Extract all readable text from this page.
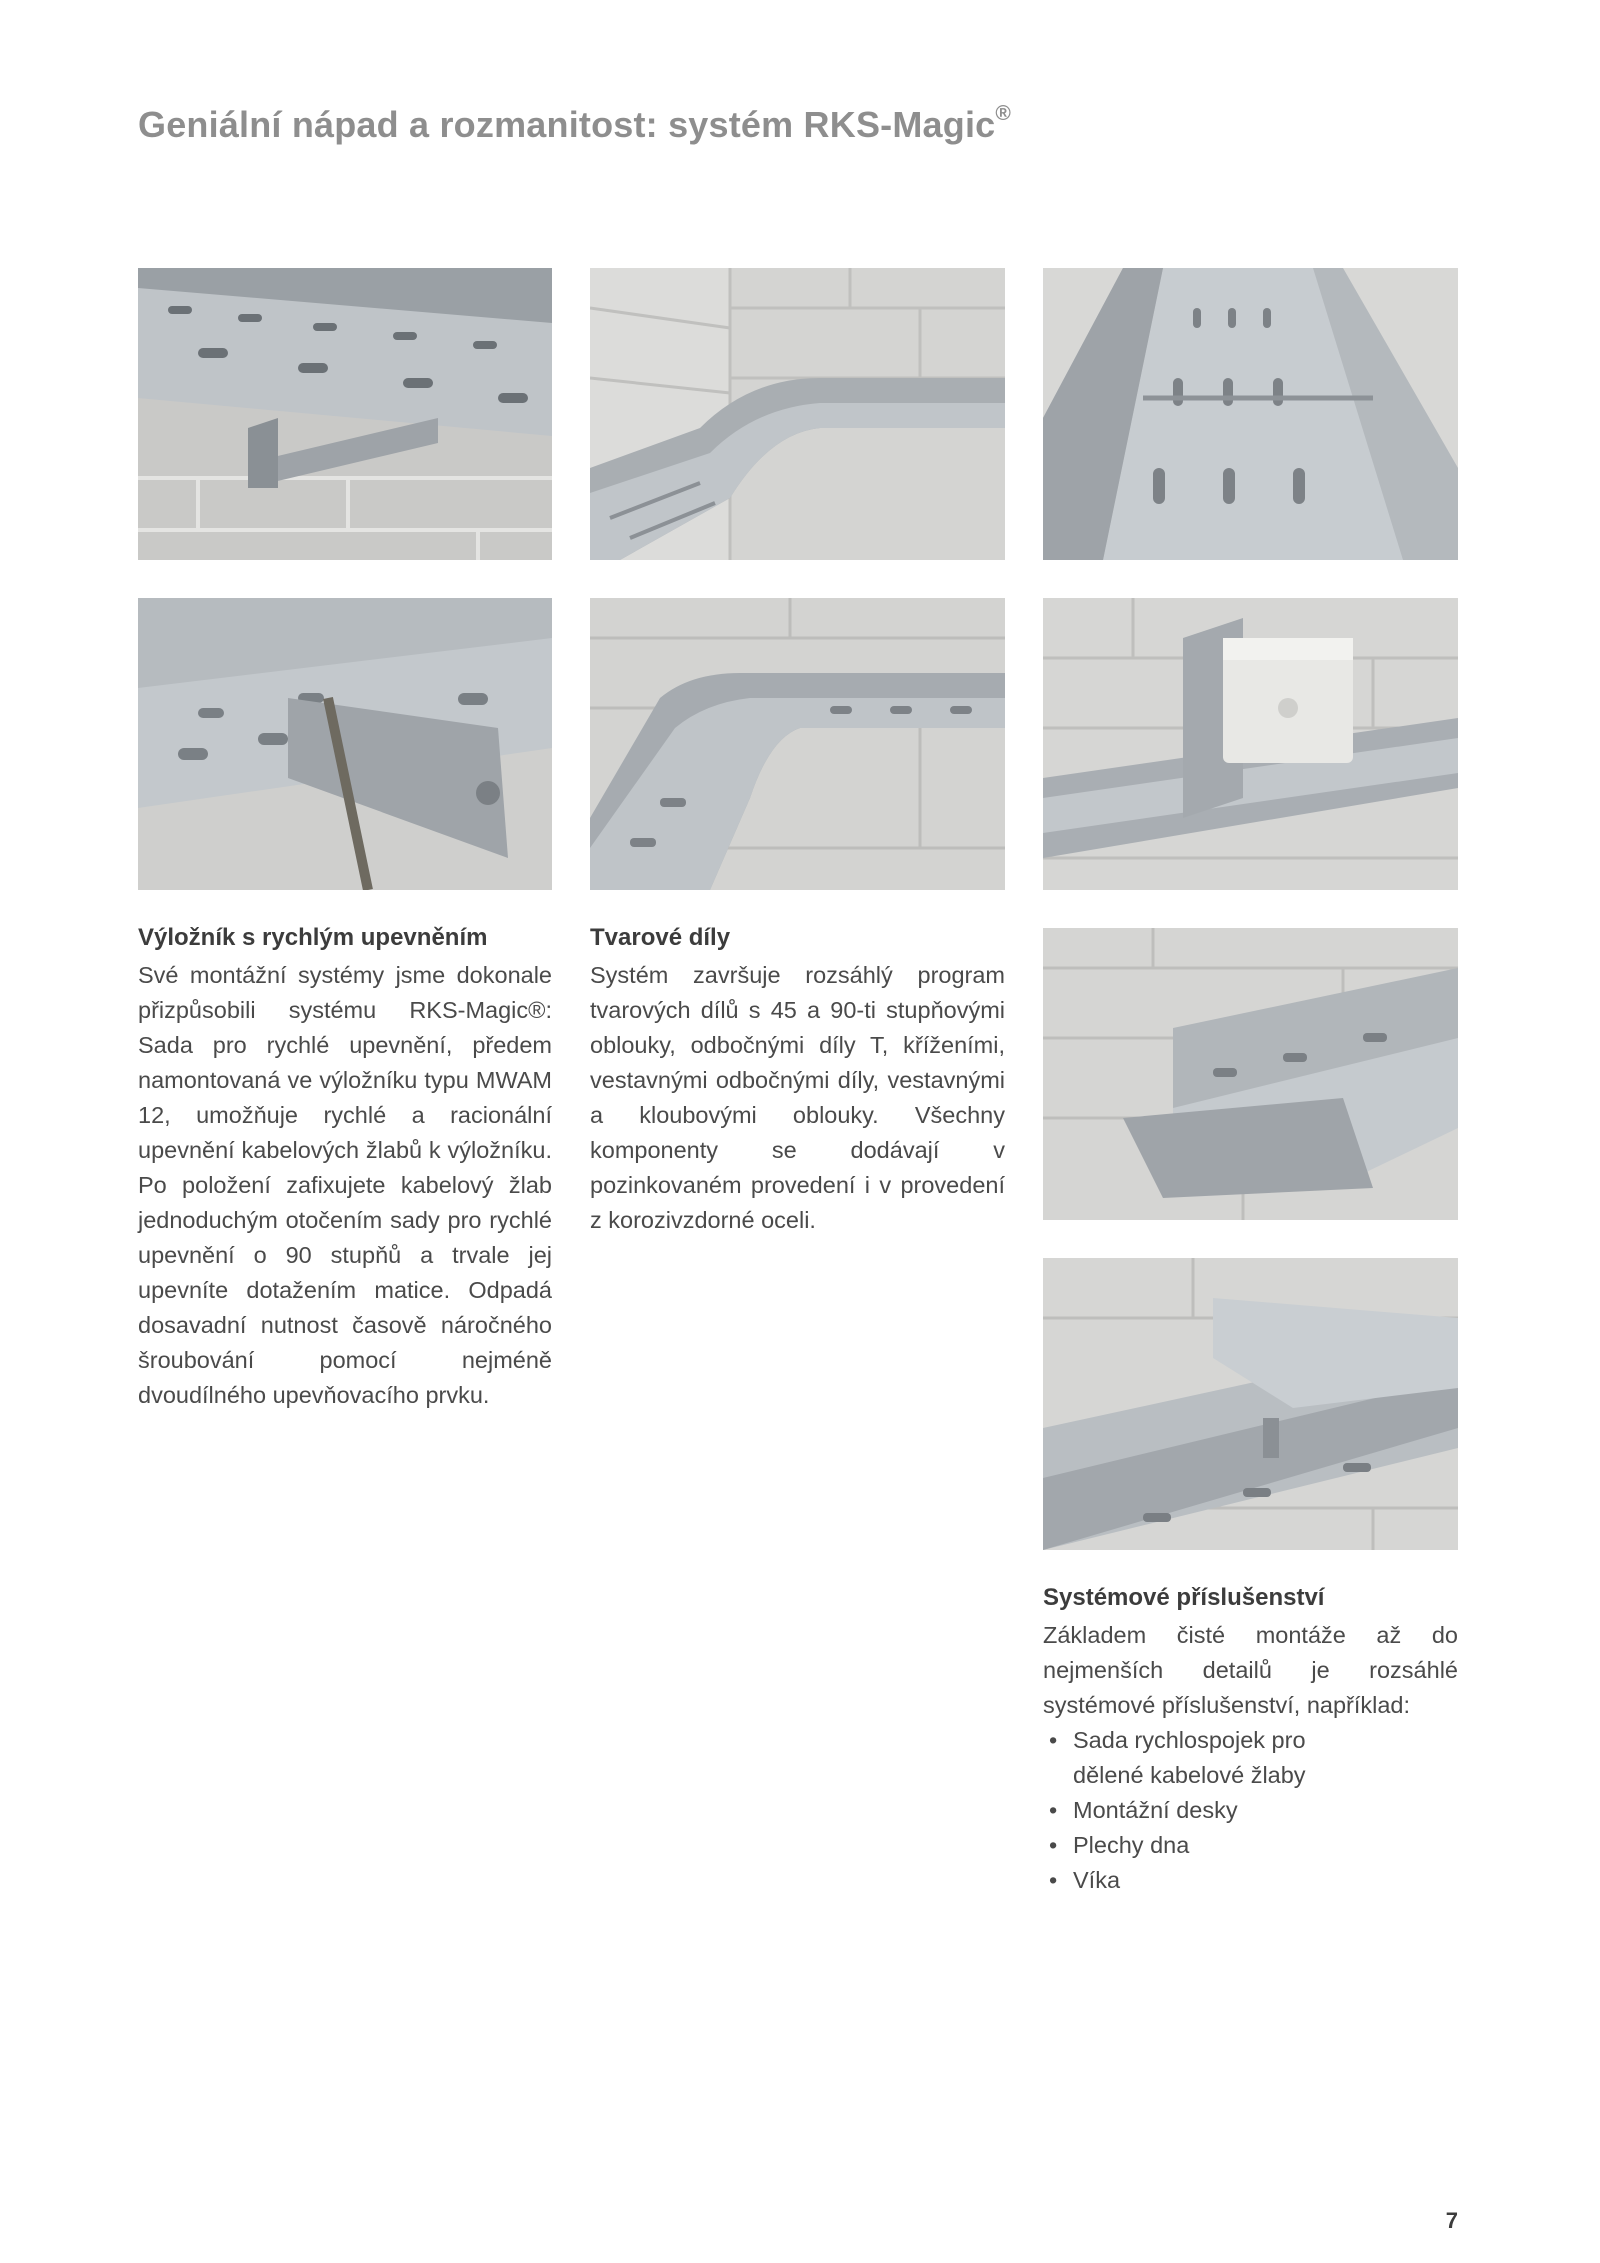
Geniální nápad a rozmanitost: systém RKS-Magic®
Výložník s rychlým upevněním

Své montážní systémy jsme dokonale přizpůsobili systému RKS-Magic®: Sada pro rychlé upevnění, předem namontovaná ve výložníku typu MWAM 12, umožňuje rychlé a racionální upevnění kabelových žlabů k výložníku. Po položení zafixujete kabelový žlab jednoduchým otočením sady pro rychlé upevnění o 90 stupňů a trvale jej upevníte dotažením matice. Odpadá dosavadní nutnost časově náročného šroubování pomocí nejméně dvoudílného upevňovacího prvku.

Tvarové díly

Systém završuje rozsáhlý program tvarových dílů s 45 a 90-ti stupňovými oblouky, odbočnými díly T, kříženími, vestavnými odbočnými díly, vestavnými a kloubovými oblouky. Všechny komponenty se dodávají v pozinkovaném provedení i v provedení z korozivzdorné oceli.

Systémové příslušenství

Základem čisté montáže až do nejmenších detailů je rozsáhlé systémové příslušenství, například:

• Sada rychlospojek pro dělené kabelové žlaby
• Montážní desky
• Plechy dna
• Víka
7
